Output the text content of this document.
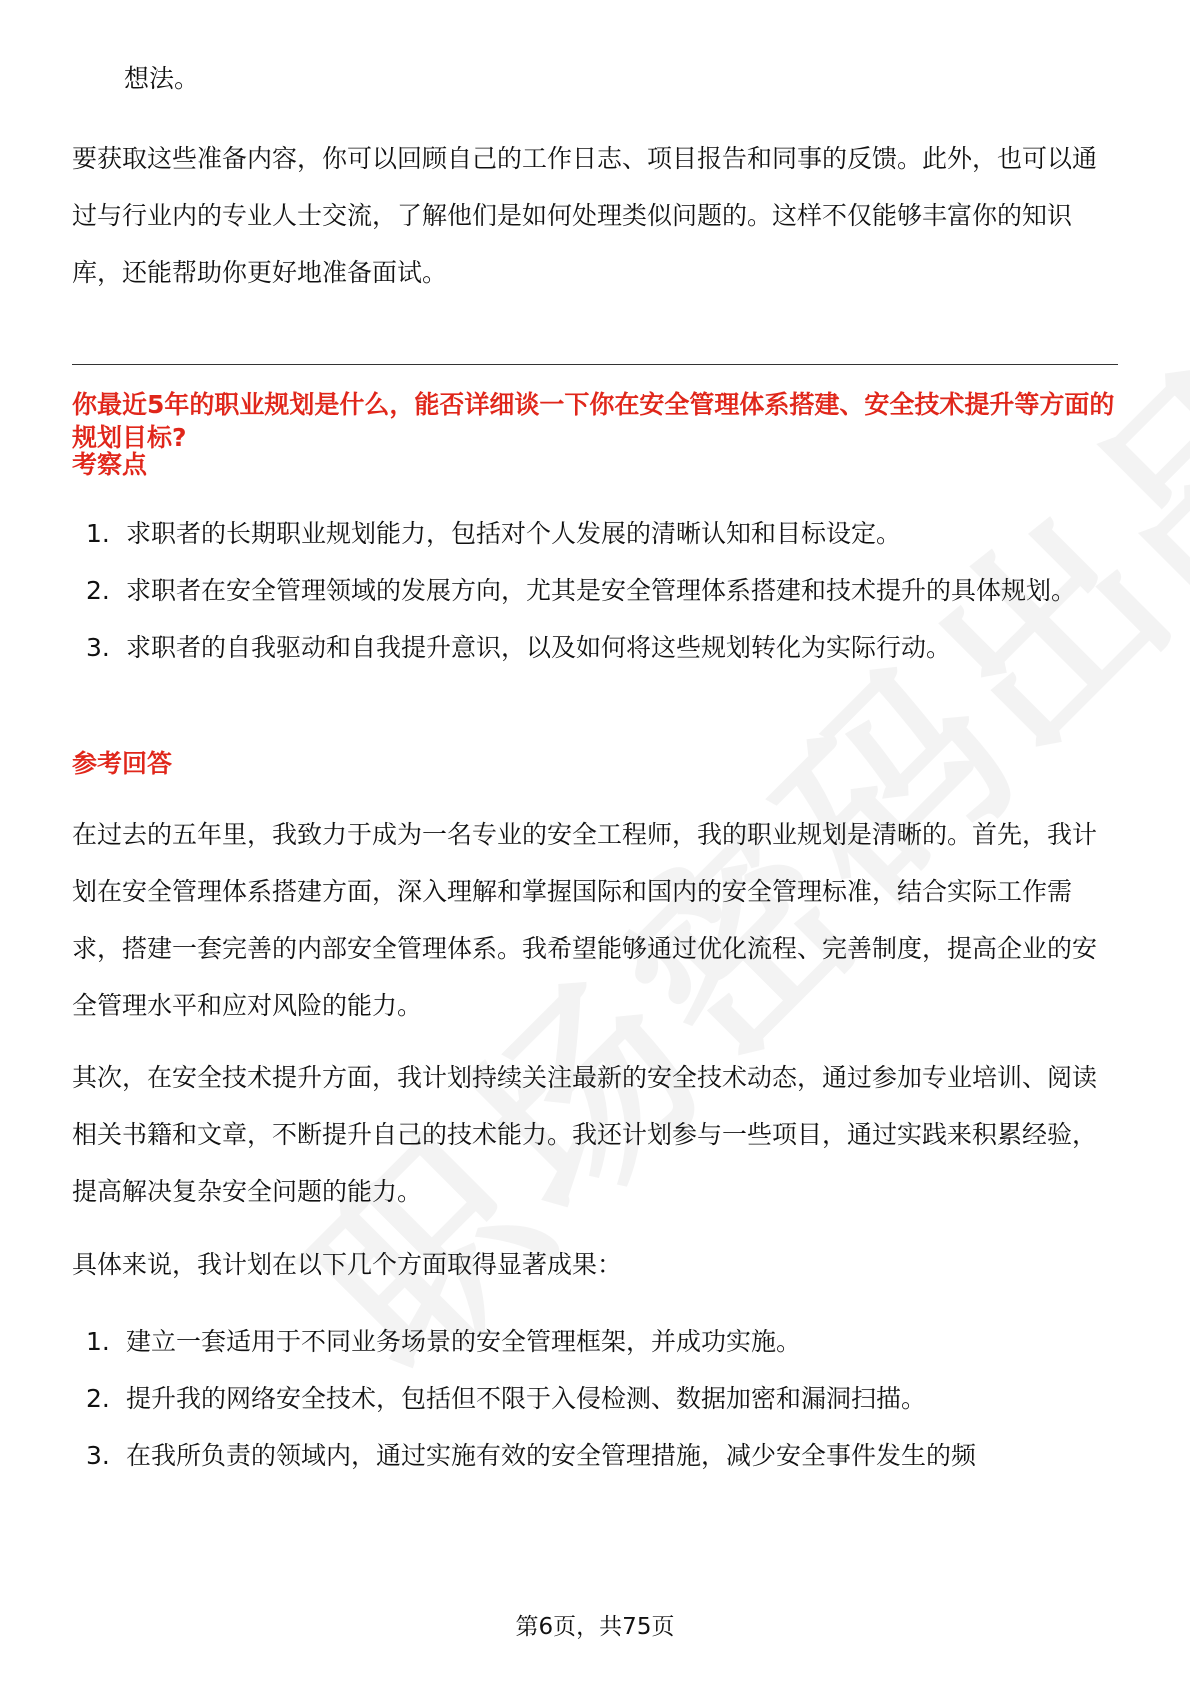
想法。

要获取这些准备内容，你可以回顾自己的工作日志、项目报告和同事的反馈。此外，也可以通过与行业内的专业人士交流，了解他们是如何处理类似问题的。这样不仅能够丰富你的知识库，还能帮助你更好地准备面试。

你最近5年的职业规划是什么，能否详细谈一下你在安全管理体系搭建、安全技术提升等方面的规划目标?

考察点

1. 求职者的长期职业规划能力，包括对个人发展的清晰认知和目标设定。
2. 求职者在安全管理领域的发展方向，尤其是安全管理体系搭建和技术提升的具体规划。
3. 求职者的自我驱动和自我提升意识，以及如何将这些规划转化为实际行动。

参考回答

在过去的五年里，我致力于成为一名专业的安全工程师，我的职业规划是清晰的。首先，我计划在安全管理体系搭建方面，深入理解和掌握国际和国内的安全管理标准，结合实际工作需求，搭建一套完善的内部安全管理体系。我希望能够通过优化流程、完善制度，提高企业的安全管理水平和应对风险的能力。

其次，在安全技术提升方面，我计划持续关注最新的安全技术动态，通过参加专业培训、阅读相关书籍和文章，不断提升自己的技术能力。我还计划参与一些项目，通过实践来积累经验，提高解决复杂安全问题的能力。

具体来说，我计划在以下几个方面取得显著成果：

1. 建立一套适用于不同业务场景的安全管理框架，并成功实施。
2. 提升我的网络安全技术，包括但不限于入侵检测、数据加密和漏洞扫描。
3. 在我所负责的领域内，通过实施有效的安全管理措施，减少安全事件发生的频
第6页，共75页
